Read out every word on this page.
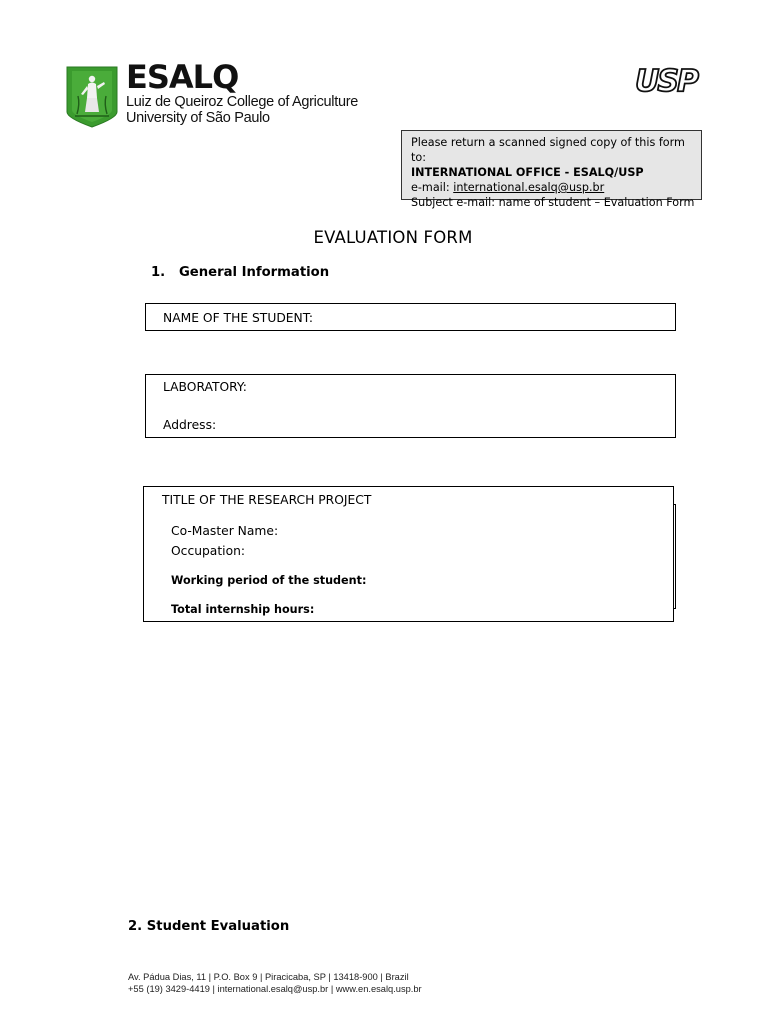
ESALQ
Luiz de Queiroz College of Agriculture
University of São Paulo
USP
Please return a scanned signed copy of this form to:
INTERNATIONAL OFFICE - ESALQ/USP
e-mail: international.esalq@usp.br
Subject e-mail: name of student – Evaluation Form
EVALUATION FORM
1. General Information
NAME OF THE STUDENT:
LABORATORY:
Address:
TITLE OF THE RESEARCH PROJECT
Co-Master Name:
Occupation:
Working period of the student:
Total internship hours:
2. Student Evaluation
Av. Pádua Dias, 11 | P.O. Box 9 | Piracicaba, SP | 13418-900 | Brazil
+55 (19) 3429-4419 | international.esalq@usp.br | www.en.esalq.usp.br
